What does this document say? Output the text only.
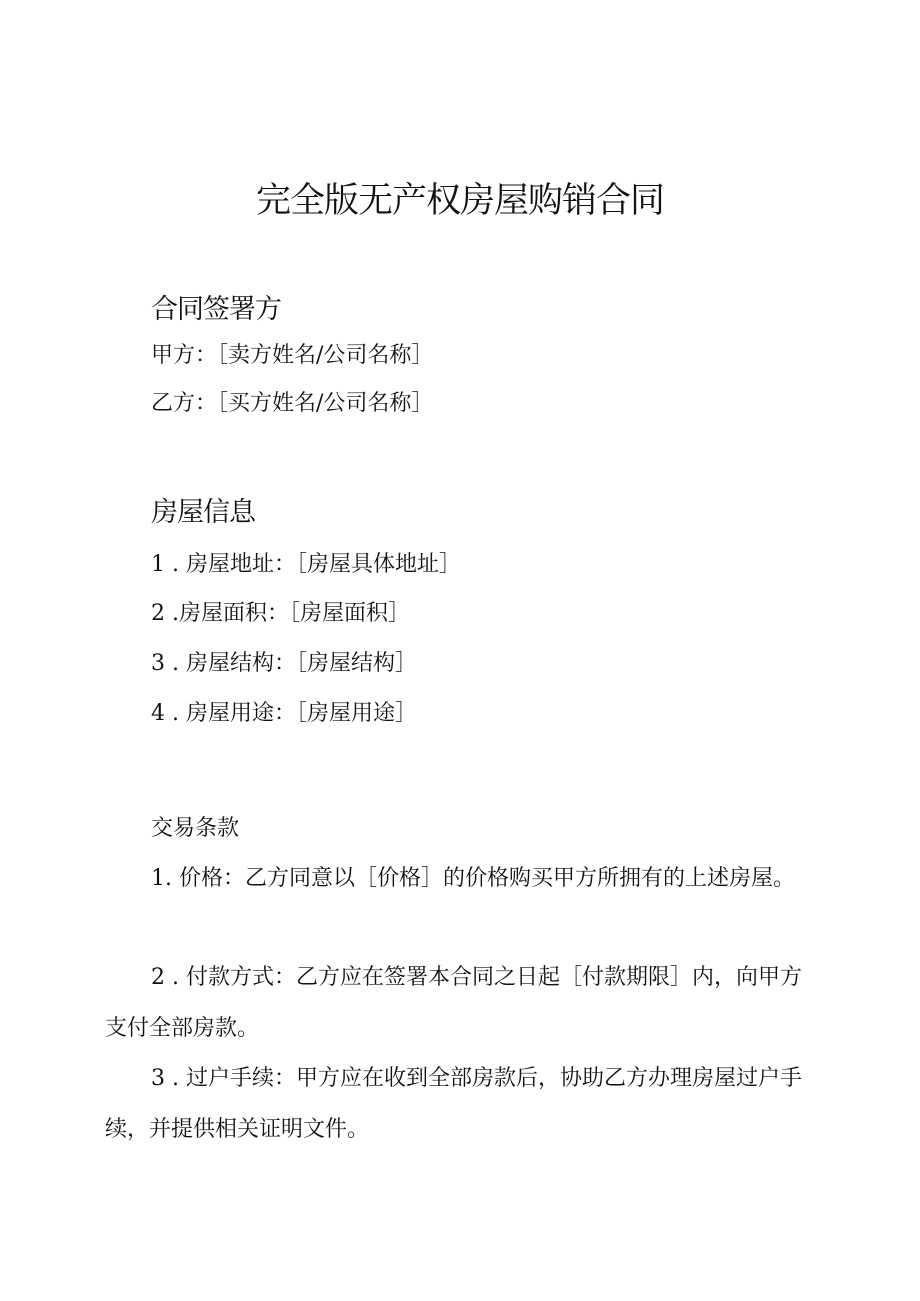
完全版无产权房屋购销合同
合同签署方
甲方：［卖方姓名/公司名称］
乙方：［买方姓名/公司名称］
房屋信息
1 . 房屋地址：［房屋具体地址］
2 .房屋面积：［房屋面积］
3 . 房屋结构：［房屋结构］
4 . 房屋用途：［房屋用途］
交易条款
1. 价格：乙方同意以［价格］的价格购买甲方所拥有的上述房屋。
2 . 付款方式：乙方应在签署本合同之日起［付款期限］内，向甲方支付全部房款。
3 . 过户手续：甲方应在收到全部房款后，协助乙方办理房屋过户手续，并提供相关证明文件。
